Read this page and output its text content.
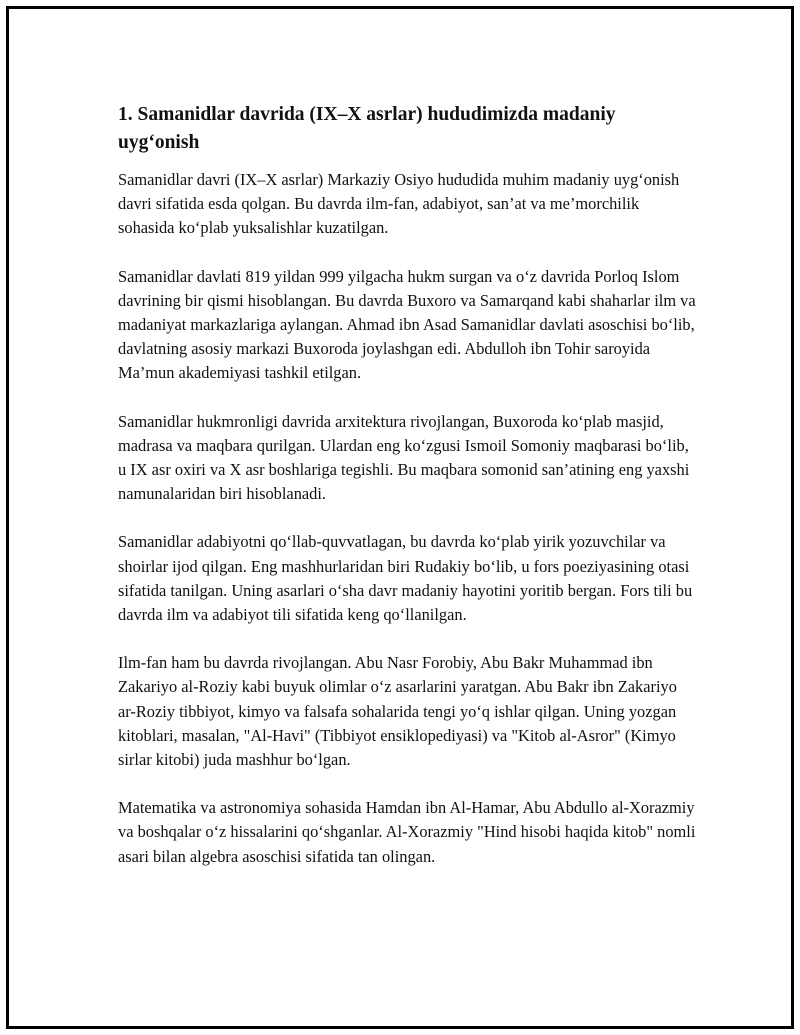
1. Samanidlar davrida (IX–X asrlar) hududimizda madaniy uyg‘onish

Samanidlar davri (IX–X asrlar) Markaziy Osiyo hududida muhim madaniy uyg‘onish davri sifatida esda qolgan. Bu davrda ilm-fan, adabiyot, san’at va me’morchilik sohasida ko‘plab yuksalishlar kuzatilgan.

Samanidlar davlati 819 yildan 999 yilgacha hukm surgan va o‘z davrida Porloq Islom davrining bir qismi hisoblangan. Bu davrda Buxoro va Samarqand kabi shaharlar ilm va madaniyat markazlariga aylangan. Ahmad ibn Asad Samanidlar davlati asoschisi bo‘lib, davlatning asosiy markazi Buxoroda joylashgan edi. Abdulloh ibn Tohir saroyida Ma’mun akademiyasi tashkil etilgan.

Samanidlar hukmronligi davrida arxitektura rivojlangan, Buxoroda ko‘plab masjid, madrasa va maqbara qurilgan. Ulardan eng ko‘zgusi Ismoil Somoniy maqbarasi bo‘lib, u IX asr oxiri va X asr boshlariga tegishli. Bu maqbara somonid san’atining eng yaxshi namunalaridan biri hisoblanadi.

Samanidlar adabiyotni qo‘llab-quvvatlagan, bu davrda ko‘plab yirik yozuvchilar va shoirlar ijod qilgan. Eng mashhurlaridan biri Rudakiy bo‘lib, u fors poeziyasining otasi sifatida tanilgan. Uning asarlari o‘sha davr madaniy hayotini yoritib bergan. Fors tili bu davrda ilm va adabiyot tili sifatida keng qo‘llanilgan.

Ilm-fan ham bu davrda rivojlangan. Abu Nasr Forobiy, Abu Bakr Muhammad ibn Zakariyo al-Roziy kabi buyuk olimlar o‘z asarlarini yaratgan. Abu Bakr ibn Zakariyo ar-Roziy tibbiyot, kimyo va falsafa sohalarida tengi yo‘q ishlar qilgan. Uning yozgan kitoblari, masalan, "Al-Havi" (Tibbiyot ensiklopediyasi) va "Kitob al-Asror" (Kimyo sirlar kitobi) juda mashhur bo‘lgan.

Matematika va astronomiya sohasida Hamdan ibn Al-Hamar, Abu Abdullo al-Xorazmiy va boshqalar o‘z hissalarini qo‘shganlar. Al-Xorazmiy "Hind hisobi haqida kitob" nomli asari bilan algebra asoschisi sifatida tan olingan.
